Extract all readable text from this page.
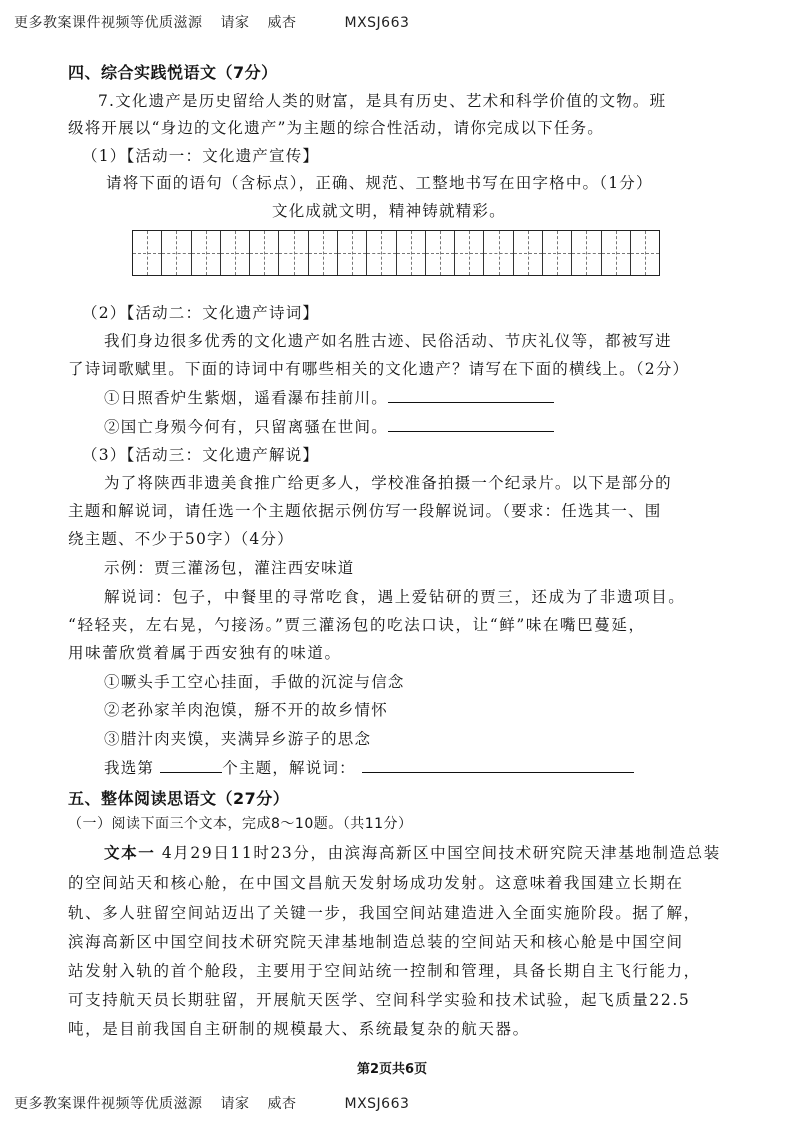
更多教案课件视频等优质滋源 请家 威杏	MXSJ663
四、综合实践悦语文（7分）
7.文化遗产是历史留给人类的财富，是具有历史、艺术和科学价值的文物。班
级将开展以“身边的文化遗产”为主题的综合性活动，请你完成以下任务。
（1）【活动一：文化遗产宣传】
请将下面的语句（含标点），正确、规范、工整地书写在田字格中。（1分）
文化成就文明，精神铸就精彩。
（2）【活动二：文化遗产诗词】
我们身边很多优秀的文化遗产如名胜古迹、民俗活动、节庆礼仪等，都被写进
了诗词歌赋里。下面的诗词中有哪些相关的文化遗产？请写在下面的横线上。（2分）
①日照香炉生紫烟，遥看瀑布挂前川。
②国亡身殒今何有，只留离骚在世间。
（3）【活动三：文化遗产解说】
为了将陕西非遗美食推广给更多人，学校准备拍摄一个纪录片。以下是部分的
主题和解说词，请任选一个主题依据示例仿写一段解说词。（要求：任选其一、围
绕主题、不少于50字）（4分）
示例：贾三灌汤包，灌注西安味道
解说词：包子，中餐里的寻常吃食，遇上爱钻研的贾三，还成为了非遗项目。
“轻轻夹，左右晃，勺接汤。”贾三灌汤包的吃法口诀，让“鲜”味在嘴巴蔓延，
用味蕾欣赏着属于西安独有的味道。
①噘头手工空心挂面，手做的沉淀与信念
②老孙家羊肉泡馍，掰不开的故乡情怀
③腊汁肉夹馍，夹满异乡游子的思念
我选第	个主题，解说词：
五、整体阅读思语文（27分）
（一）阅读下面三个文本，完成8～10题。（共11分）
文本一 4月29日11时23分，由滨海高新区中国空间技术研究院天津基地制造总装
的空间站天和核心舱，在中国文昌航天发射场成功发射。这意味着我国建立长期在
轨、多人驻留空间站迈出了关键一步，我国空间站建造进入全面实施阶段。据了解，
滨海高新区中国空间技术研究院天津基地制造总装的空间站天和核心舱是中国空间
站发射入轨的首个舱段，主要用于空间站统一控制和管理，具备长期自主飞行能力，
可支持航天员长期驻留，开展航天医学、空间科学实验和技术试验，起飞质量22.5
吨，是目前我国自主研制的规模最大、系统最复杂的航天器。
第2页共6页
更多教案课件视频等优质滋源 请家 威杏	MXSJ663
